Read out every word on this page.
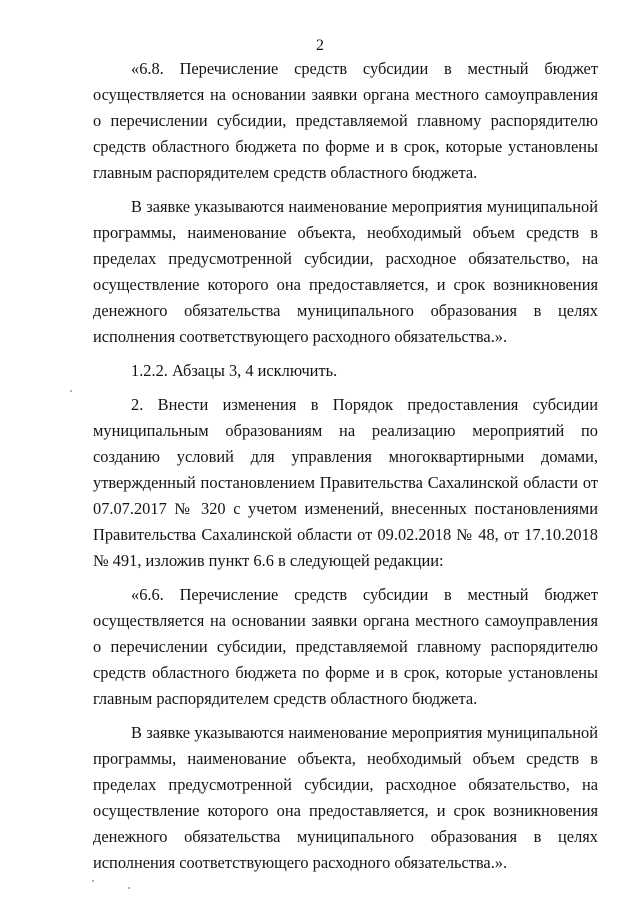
2

«6.8. Перечисление средств субсидии в местный бюджет осуществляется на основании заявки органа местного самоуправления о перечислении субсидии, представляемой главному распорядителю средств областного бюджета по форме и в срок, которые установлены главным распорядителем средств областного бюджета.

В заявке указываются наименование мероприятия муниципальной программы, наименование объекта, необходимый объем средств в пределах предусмотренной субсидии, расходное обязательство, на осуществление которого она предоставляется, и срок возникновения денежного обязательства муниципального образования в целях исполнения соответствующего расходного обязательства.».

1.2.2. Абзацы 3, 4 исключить.

2. Внести изменения в Порядок предоставления субсидии муниципальным образованиям на реализацию мероприятий по созданию условий для управления многоквартирными домами, утвержденный постановлением Правительства Сахалинской области от 07.07.2017 № 320 с учетом изменений, внесенных постановлениями Правительства Сахалинской области от 09.02.2018 № 48, от 17.10.2018 № 491, изложив пункт 6.6 в следующей редакции:

«6.6. Перечисление средств субсидии в местный бюджет осуществляется на основании заявки органа местного самоуправления о перечислении субсидии, представляемой главному распорядителю средств областного бюджета по форме и в срок, которые установлены главным распорядителем средств областного бюджета.

В заявке указываются наименование мероприятия муниципальной программы, наименование объекта, необходимый объем средств в пределах предусмотренной субсидии, расходное обязательство, на осуществление которого она предоставляется, и срок возникновения денежного обязательства муниципального образования в целях исполнения соответствующего расходного обязательства.».
